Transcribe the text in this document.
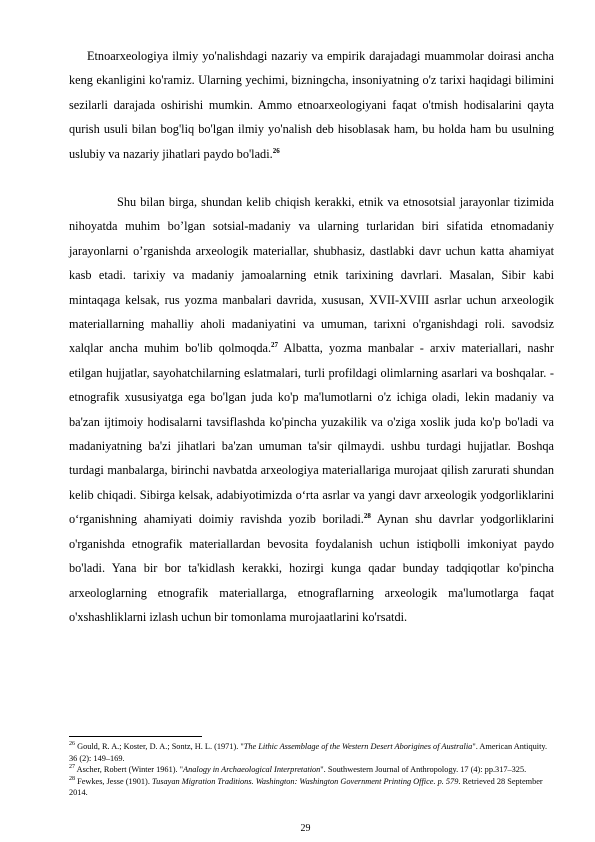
Etnoarxeologiya ilmiy yo'nalishdagi nazariy va empirik darajadagi muammolar doirasi ancha keng ekanligini ko'ramiz. Ularning yechimi, bizningcha, insoniyatning o'z tarixi haqidagi bilimini sezilarli darajada oshirishi mumkin. Ammo etnoarxeologiyani faqat o'tmish hodisalarini qayta qurish usuli bilan bog'liq bo'lgan ilmiy yo'nalish deb hisoblasak ham, bu holda ham bu usulning uslubiy va nazariy jihatlari paydo bo'ladi.$^{26}$

Shu bilan birga, shundan kelib chiqish kerakki, etnik va etnosotsial jarayonlar tizimida nihoyatda muhim bo’lgan sotsial-madaniy va ularning turlaridan biri sifatida etnomadaniy jarayonlarni o’rganishda arxeologik materiallar, shubhasiz, dastlabki davr uchun katta ahamiyat kasb etadi. tarixiy va madaniy jamoalarning etnik tarixining davrlari. Masalan, Sibir kabi mintaqaga kelsak, rus yozma manbalari davrida, xususan, XVII-XVIII asrlar uchun arxeologik materiallarning mahalliy aholi madaniyatini va umuman, tarixni o'rganishdagi roli. savodsiz xalqlar ancha muhim bo'lib qolmoqda.$^{27}$ Albatta, yozma manbalar - arxiv materiallari, nashr etilgan hujjatlar, sayohatchilarning eslatmalari, turli profildagi olimlarning asarlari va boshqalar. - etnografik xususiyatga ega bo'lgan juda ko'p ma'lumotlarni o'z ichiga oladi, lekin madaniy va ba'zan ijtimoiy hodisalarni tavsiflashda ko'pincha yuzakilik va o'ziga xoslik juda ko'p bo'ladi va madaniyatning ba'zi jihatlari ba'zan umuman ta'sir qilmaydi. ushbu turdagi hujjatlar. Boshqa turdagi manbalarga, birinchi navbatda arxeologiya materiallariga murojaat qilish zarurati shundan kelib chiqadi. Sibirga kelsak, adabiyotimizda o‘rta asrlar va yangi davr arxeologik yodgorliklarini o‘rganishning ahamiyati doimiy ravishda yozib boriladi.$^{28}$ Aynan shu davrlar yodgorliklarini o'rganishda etnografik materiallardan bevosita foydalanish uchun istiqbolli imkoniyat paydo bo'ladi. Yana bir bor ta'kidlash kerakki, hozirgi kunga qadar bunday tadqiqotlar ko'pincha arxeologlarning etnografik materiallarga, etnograflarning arxeologik ma'lumotlarga faqat o'xshashliklarni izlash uchun bir tomonlama murojaatlarini ko'rsatdi.

$^{26}$ Gould, R. A.; Koster, D. A.; Sontz, H. L. (1971). "The Lithic Assemblage of the Western Desert Aborigines of Australia". American Antiquity. 36 (2): 149–169.

$^{27}$ Ascher, Robert (Winter 1961). "Analogy in Archaeological Interpretation". Southwestern Journal of Anthropology. 17 (4): pp.317–325.

$^{28}$ Fewkes, Jesse (1901). Tusayan Migration Traditions. Washington: Washington Government Printing Office. p. 579. Retrieved 28 September 2014.

29
